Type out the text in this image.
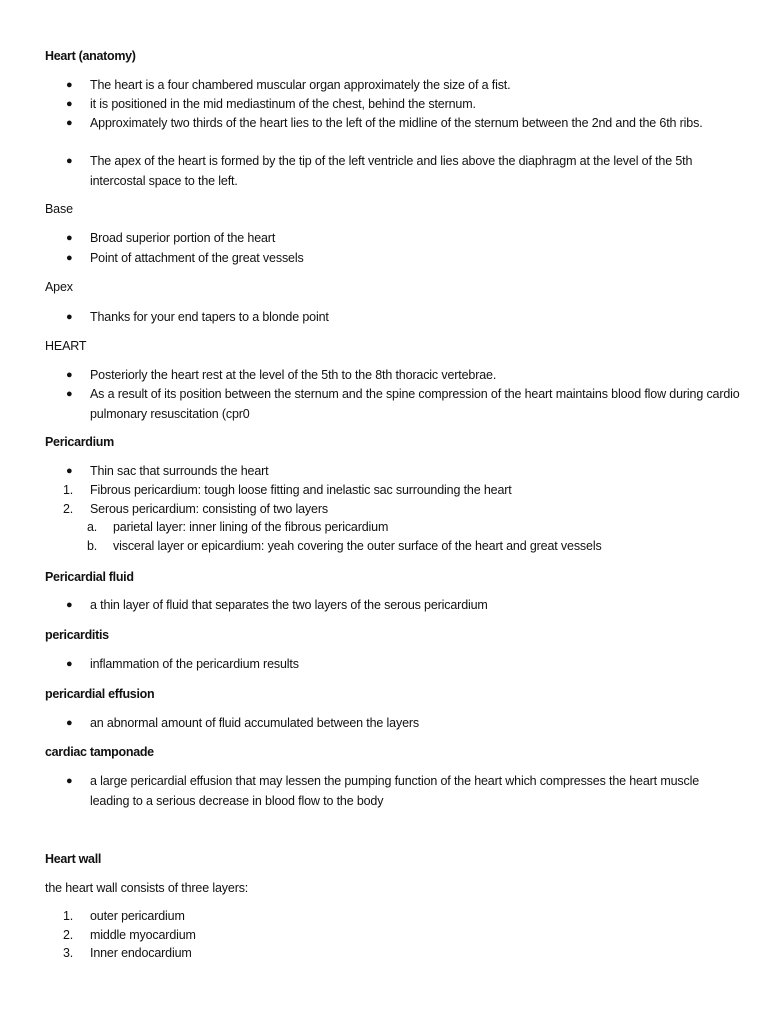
Heart (anatomy)
●	The heart is a four chambered muscular organ approximately the size of a fist.
●	it is positioned in the mid mediastinum of the chest, behind the sternum.
●	Approximately two thirds of the heart lies to the left of the midline of the sternum between the 2nd and the 6th ribs.
●	The apex of the heart is formed by the tip of the left ventricle and lies above the diaphragm at the level of the 5th intercostal space to the left.
Base
●	Broad superior portion of the heart
●	Point of attachment of the great vessels
Apex
●	Thanks for your end tapers to a blonde point
HEART
●	Posteriorly the heart rest at the level of the 5th to the 8th thoracic vertebrae.
●	As a result of its position between the sternum and the spine compression of the heart maintains blood flow during cardio pulmonary resuscitation (cpr0
Pericardium
●	Thin sac that surrounds the heart
1.	Fibrous pericardium: tough loose fitting and inelastic sac surrounding the heart
2.	Serous pericardium: consisting of two layers
a.	parietal layer: inner lining of the fibrous pericardium
b.	visceral layer or epicardium: yeah covering the outer surface of the heart and great vessels
Pericardial fluid
●	a thin layer of fluid that separates the two layers of the serous pericardium
pericarditis
●	inflammation of the pericardium results
pericardial effusion
●	an abnormal amount of fluid accumulated between the layers
cardiac tamponade
●	a large pericardial effusion that may lessen the pumping function of the heart which compresses the heart muscle leading to a serious decrease in blood flow to the body
Heart wall
the heart wall consists of three layers:
1.	outer pericardium
2.	middle myocardium
3.	Inner endocardium
